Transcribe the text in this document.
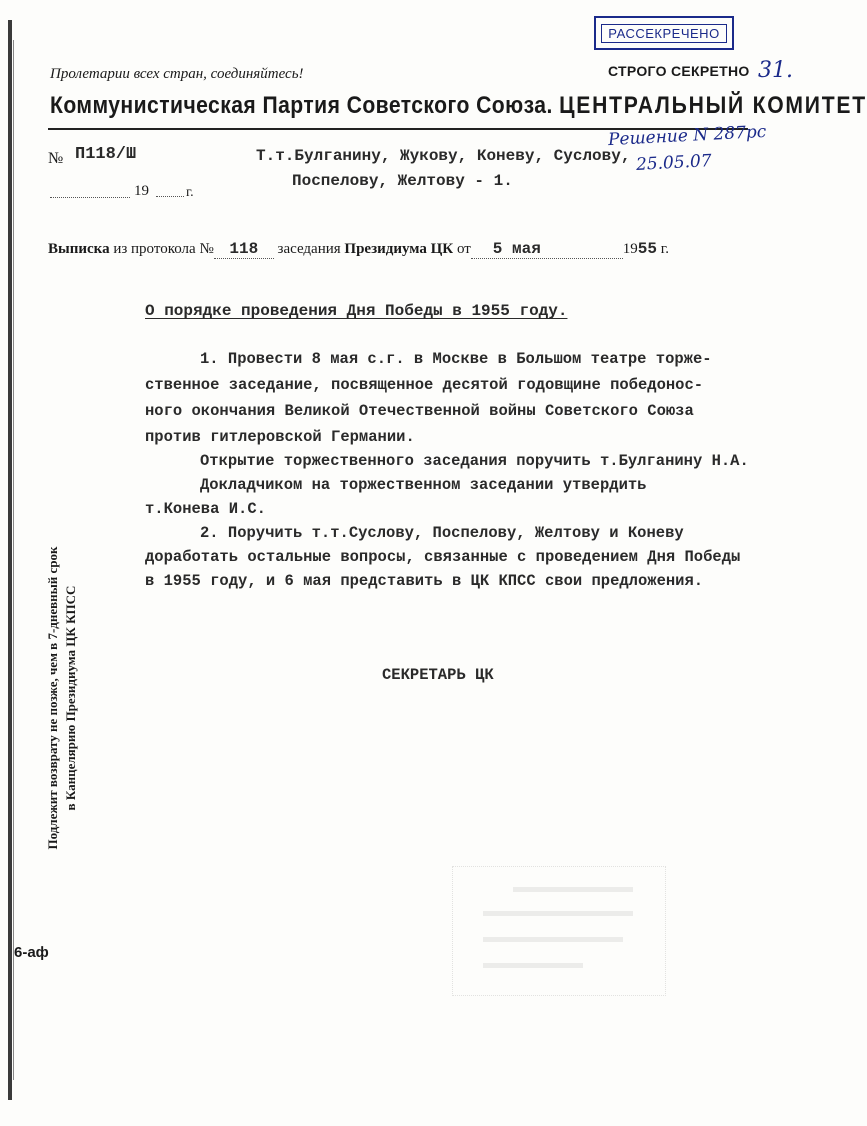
РАССЕКРЕЧЕНО
31.
Пролетарии всех стран, соединяйтесь!	СТРОГО СЕКРЕТНО
Коммунистическая Партия Советского Союза. ЦЕНТРАЛЬНЫЙ КОМИТЕТ
№ П118/Ш	Т.т.Булганину, Жукову, Коневу, Суслову,
Поспелову, Желтову - 1.
19	г.
Решение N 287рс
25.05.07
Выписка из протокола № 118 заседания Президиума ЦК от 5 мая	1955 г.
О порядке проведения Дня Победы в 1955 году.
1. Провести 8 мая с.г. в Москве в Большом театре торже-
ственное заседание, посвященное десятой годовщине победонос-
ного окончания Великой Отечественной войны Советского Союза
против гитлеровской Германии.
Открытие торжественного заседания поручить т.Булганину Н.А.
Докладчиком на торжественном заседании утвердить
т.Конева И.С.
2. Поручить т.т.Суслову, Поспелову, Желтову и Коневу
доработать остальные вопросы, связанные с проведением Дня Победы
в 1955 году, и 6 мая представить в ЦК КПСС свои предложения.
СЕКРЕТАРЬ ЦК
Подлежит возврату не позже, чем в 7-дневный срок в Канцелярию Президиума ЦК КПСС
6-аф
